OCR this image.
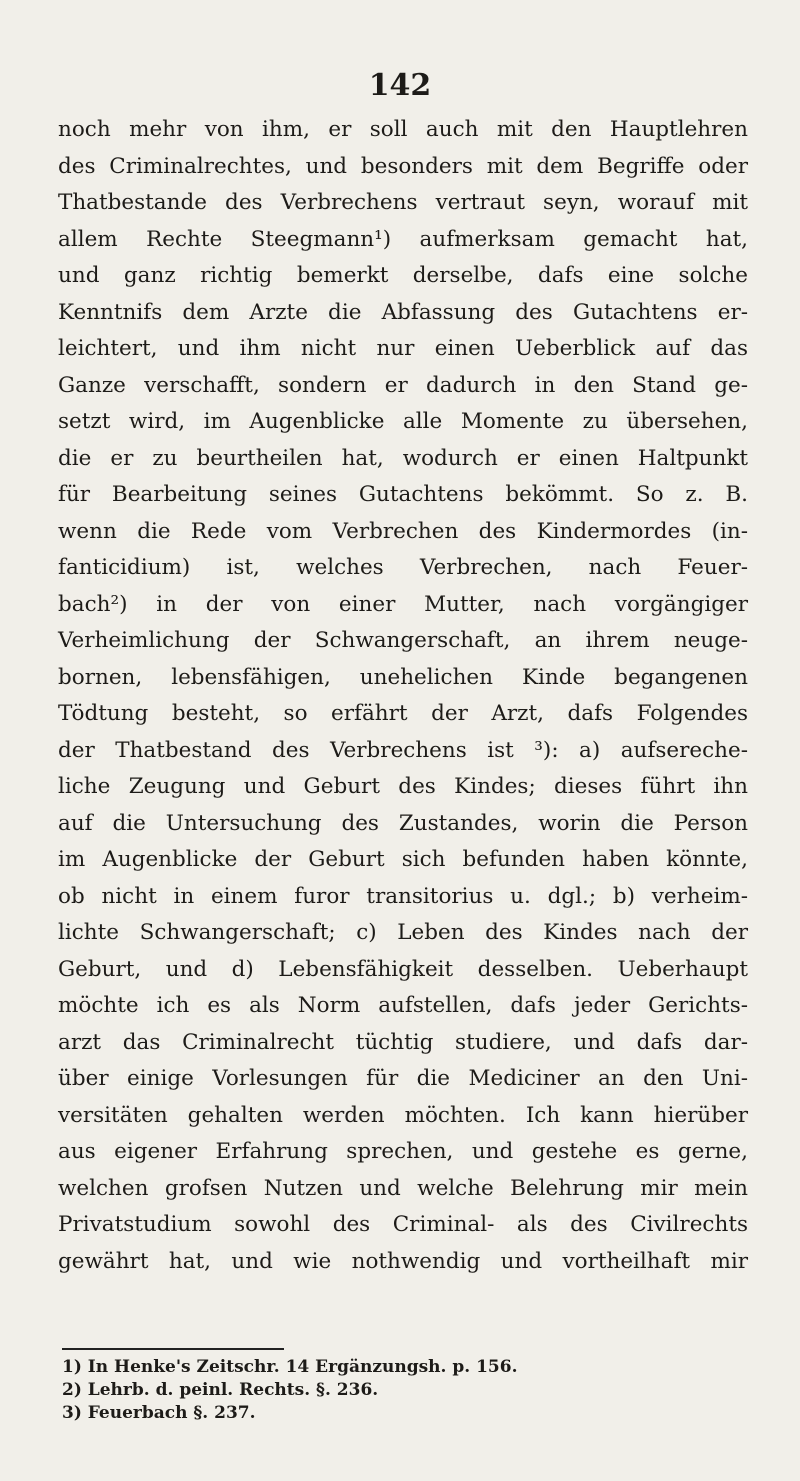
142
noch mehr von ihm, er soll auch mit den Hauptlehren
des Criminalrechtes, und besonders mit dem Begriffe oder
Thatbestande des Verbrechens vertraut seyn, worauf mit
allem Rechte Steegmann¹) aufmerksam gemacht hat,
und ganz richtig bemerkt derselbe, dafs eine solche
Kenntnifs dem Arzte die Abfassung des Gutachtens er-
leichtert, und ihm nicht nur einen Ueberblick auf das
Ganze verschafft, sondern er dadurch in den Stand ge-
setzt wird, im Augenblicke alle Momente zu übersehen,
die er zu beurtheilen hat, wodurch er einen Haltpunkt
für Bearbeitung seines Gutachtens bekömmt. So z. B.
wenn die Rede vom Verbrechen des Kindermordes (in-
fanticidium) ist, welches Verbrechen, nach Feuer-
bach²) in der von einer Mutter, nach vorgängiger
Verheimlichung der Schwangerschaft, an ihrem neuge-
bornen, lebensfähigen, unehelichen Kinde begangenen
Tödtung besteht, so erfährt der Arzt, dafs Folgendes
der Thatbestand des Verbrechens ist ³): a) aufsereche-
liche Zeugung und Geburt des Kindes; dieses führt ihn
auf die Untersuchung des Zustandes, worin die Person
im Augenblicke der Geburt sich befunden haben könnte,
ob nicht in einem furor transitorius u. dgl.; b) verheim-
lichte Schwangerschaft; c) Leben des Kindes nach der
Geburt, und d) Lebensfähigkeit desselben. Ueberhaupt
möchte ich es als Norm aufstellen, dafs jeder Gerichts-
arzt das Criminalrecht tüchtig studiere, und dafs dar-
über einige Vorlesungen für die Mediciner an den Uni-
versitäten gehalten werden möchten. Ich kann hierüber
aus eigener Erfahrung sprechen, und gestehe es gerne,
welchen grofsen Nutzen und welche Belehrung mir mein
Privatstudium sowohl des Criminal- als des Civilrechts
gewährt hat, und wie nothwendig und vortheilhaft mir
1) In Henke's Zeitschr. 14 Ergänzungsh. p. 156.
2) Lehrb. d. peinl. Rechts. §. 236.
3) Feuerbach §. 237.
